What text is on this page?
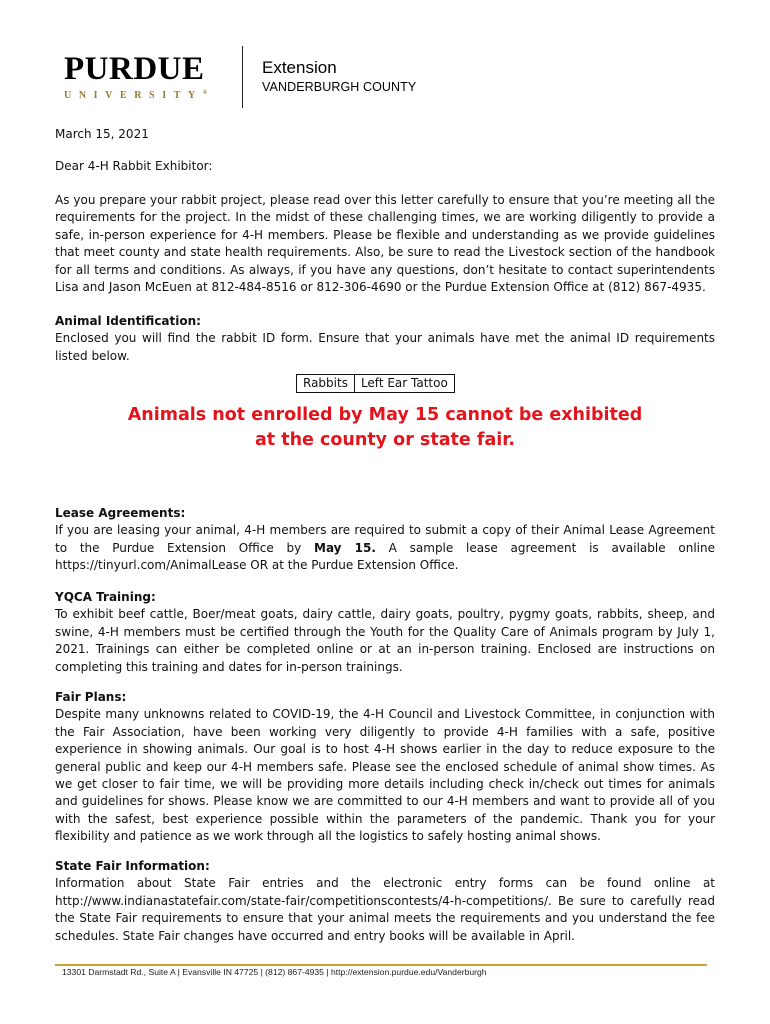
PURDUE
UNIVERSITY®
Extension
VANDERBURGH COUNTY
March 15, 2021
Dear 4-H Rabbit Exhibitor:

As you prepare your rabbit project, please read over this letter carefully to ensure that you’re meeting all the requirements for the project. In the midst of these challenging times, we are working diligently to provide a safe, in-person experience for 4-H members. Please be flexible and understanding as we provide guidelines that meet county and state health requirements. Also, be sure to read the Livestock section of the handbook for all terms and conditions. As always, if you have any questions, don’t hesitate to contact superintendents Lisa and Jason McEuen at 812-484-8516 or 812-306-4690 or the Purdue Extension Office at (812) 867-4935.

Animal Identification:

Enclosed you will find the rabbit ID form. Ensure that your animals have met the animal ID requirements listed below.

Rabbits	Left Ear Tattoo
Animals not enrolled by May 15 cannot be exhibited
at the county or state fair.

Lease Agreements:

If you are leasing your animal, 4-H members are required to submit a copy of their Animal Lease Agreement to the Purdue Extension Office by May 15. A sample lease agreement is available online https://tinyurl.com/AnimalLease OR at the Purdue Extension Office.

YQCA Training:

To exhibit beef cattle, Boer/meat goats, dairy cattle, dairy goats, poultry, pygmy goats, rabbits, sheep, and swine, 4-H members must be certified through the Youth for the Quality Care of Animals program by July 1, 2021. Trainings can either be completed online or at an in-person training. Enclosed are instructions on completing this training and dates for in-person trainings.

Fair Plans:

Despite many unknowns related to COVID-19, the 4-H Council and Livestock Committee, in conjunction with the Fair Association, have been working very diligently to provide 4-H families with a safe, positive experience in showing animals. Our goal is to host 4-H shows earlier in the day to reduce exposure to the general public and keep our 4-H members safe. Please see the enclosed schedule of animal show times. As we get closer to fair time, we will be providing more details including check in/check out times for animals and guidelines for shows. Please know we are committed to our 4-H members and want to provide all of you with the safest, best experience possible within the parameters of the pandemic. Thank you for your flexibility and patience as we work through all the logistics to safely hosting animal shows.

State Fair Information:

Information about State Fair entries and the electronic entry forms can be found online at http://www.indianastatefair.com/state-fair/competitionscontests/4-h-competitions/. Be sure to carefully read the State Fair requirements to ensure that your animal meets the requirements and you understand the fee schedules. State Fair changes have occurred and entry books will be available in April.

13301 Darmstadt Rd., Suite A | Evansville IN 47725 | (812) 867-4935 | http://extension.purdue.edu/Vanderburgh
